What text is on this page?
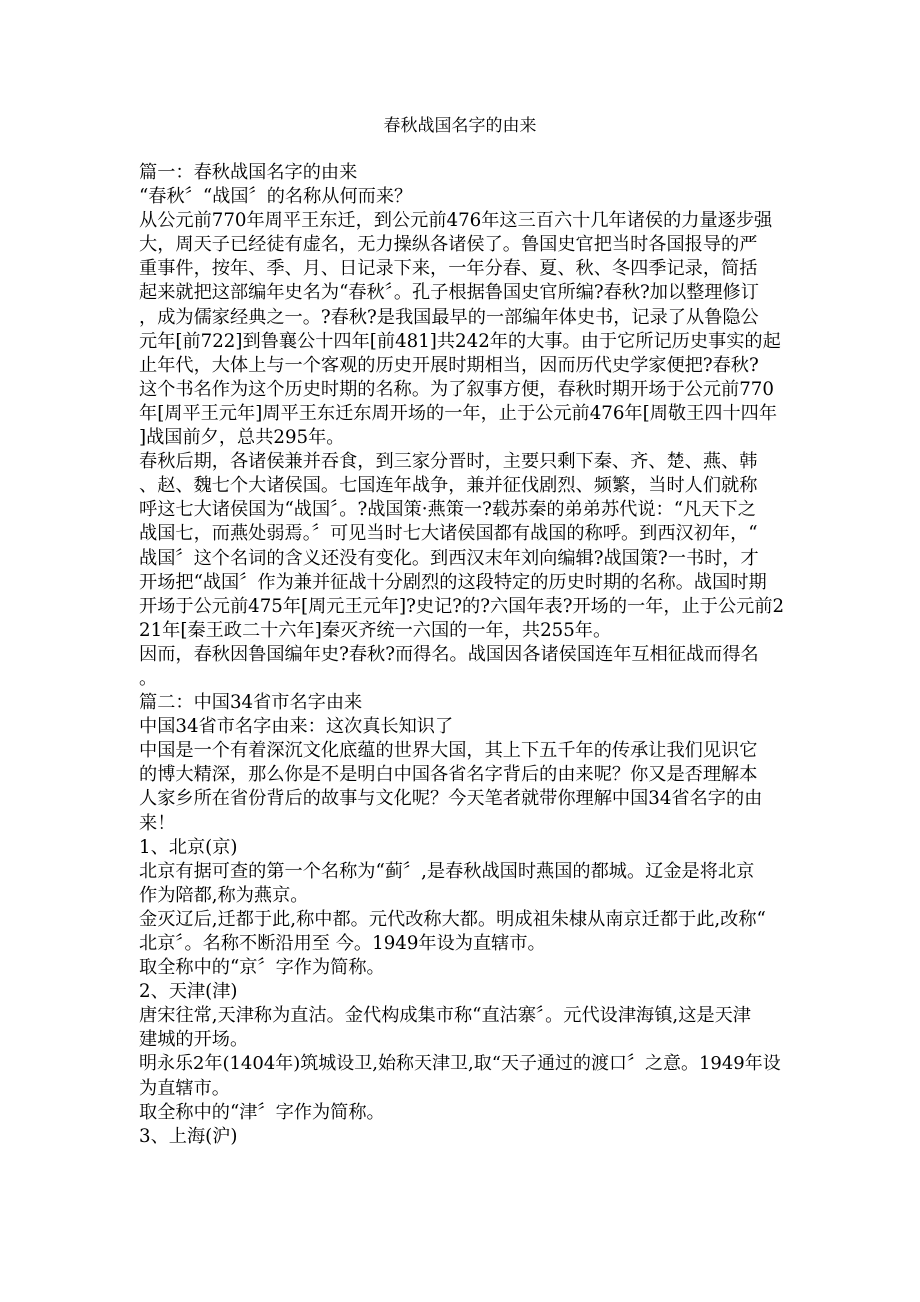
春秋战国名字的由来
篇一：春秋战国名字的由来
“春秋〞“战国〞的名称从何而来？
从公元前770年周平王东迁，到公元前476年这三百六十几年诸侯的力量逐步强
大，周天子已经徒有虚名，无力操纵各诸侯了。鲁国史官把当时各国报导的严
重事件，按年、季、月、日记录下来，一年分春、夏、秋、冬四季记录，简括
起来就把这部编年史名为“春秋〞。孔子根据鲁国史官所编?春秋?加以整理修订
，成为儒家经典之一。?春秋?是我国最早的一部编年体史书，记录了从鲁隐公
元年[前722]到鲁襄公十四年[前481]共242年的大事。由于它所记历史事实的起
止年代，大体上与一个客观的历史开展时期相当，因而历代史学家便把?春秋?
这个书名作为这个历史时期的名称。为了叙事方便，春秋时期开场于公元前770
年[周平王元年]周平王东迁东周开场的一年，止于公元前476年[周敬王四十四年
]战国前夕，总共295年。
春秋后期，各诸侯兼并吞食，到三家分晋时，主要只剩下秦、齐、楚、燕、韩
、赵、魏七个大诸侯国。七国连年战争，兼并征伐剧烈、频繁，当时人们就称
呼这七大诸侯国为“战国〞。?战国策·燕策一?载苏秦的弟弟苏代说：“凡天下之
战国七，而燕处弱焉。〞可见当时七大诸侯国都有战国的称呼。到西汉初年，“
战国〞这个名词的含义还没有变化。到西汉末年刘向编辑?战国策?一书时，才
开场把“战国〞作为兼并征战十分剧烈的这段特定的历史时期的名称。战国时期
开场于公元前475年[周元王元年]?史记?的?六国年表?开场的一年，止于公元前2
21年[秦王政二十六年]秦灭齐统一六国的一年，共255年。
因而，春秋因鲁国编年史?春秋?而得名。战国因各诸侯国连年互相征战而得名
。
篇二：中国34省市名字由来
中国34省市名字由来：这次真长知识了
中国是一个有着深沉文化底蕴的世界大国，其上下五千年的传承让我们见识它
的博大精深，那么你是不是明白中国各省名字背后的由来呢？你又是否理解本
人家乡所在省份背后的故事与文化呢？今天笔者就带你理解中国34省名字的由
来！
1、北京(京)
北京有据可查的第一个名称为“蓟〞,是春秋战国时燕国的都城。辽金是将北京
作为陪都,称为燕京。
金灭辽后,迁都于此,称中都。元代改称大都。明成祖朱棣从南京迁都于此,改称“
北京〞。名称不断沿用至 今。1949年设为直辖市。
取全称中的“京〞字作为简称。
2、天津(津)
唐宋往常,天津称为直沽。金代构成集市称“直沽寨〞。元代设津海镇,这是天津
建城的开场。
明永乐2年(1404年)筑城设卫,始称天津卫,取“天子通过的渡口〞之意。1949年设
为直辖市。
取全称中的“津〞字作为简称。
3、上海(沪)
